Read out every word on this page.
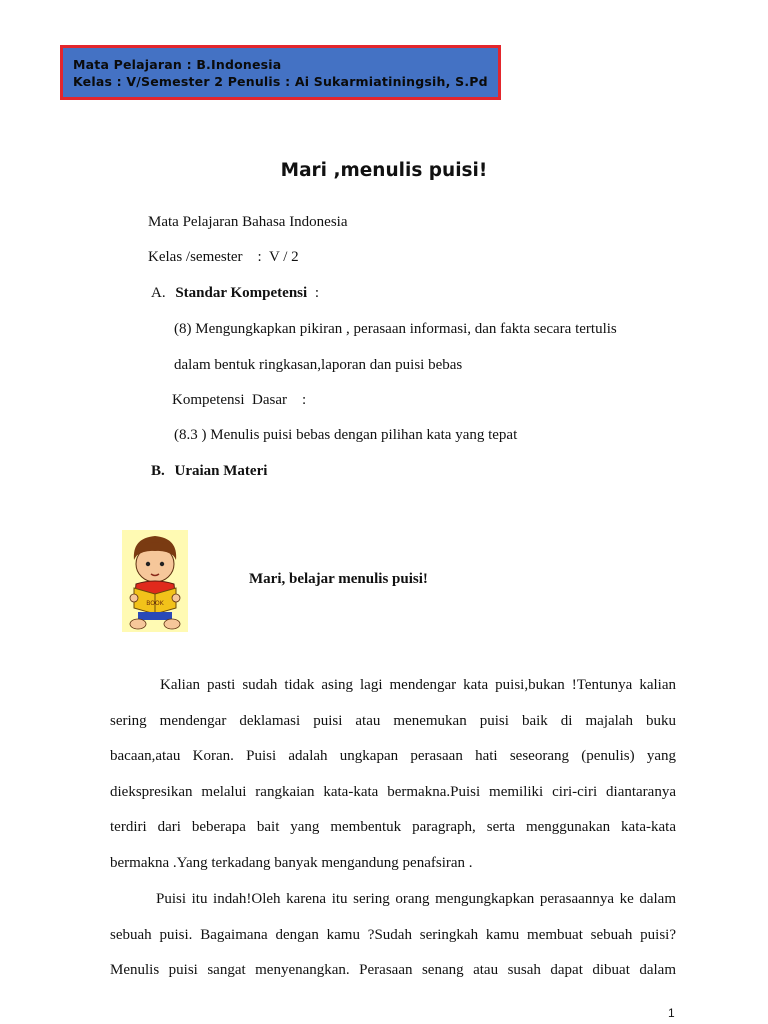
Mata Pelajaran : B.Indonesia
Kelas : V/Semester 2 Penulis : Ai Sukarmiatiningsih, S.Pd
Mari ,menulis puisi!
Mata Pelajaran Bahasa Indonesia
Kelas /semester    :  V / 2
A. Standar Kompetensi :
(8) Mengungkapkan pikiran , perasaan informasi, dan fakta secara tertulis
dalam bentuk ringkasan,laporan dan puisi bebas
Kompetensi  Dasar    :
(8.3 ) Menulis puisi bebas dengan pilihan kata yang tepat
B. Uraian Materi
BOOK
Mari, belajar menulis puisi!
Kalian pasti sudah tidak asing lagi mendengar kata puisi,bukan !Tentunya kalian
sering mendengar deklamasi puisi atau menemukan puisi baik di majalah buku
bacaan,atau Koran. Puisi adalah ungkapan perasaan hati seseorang (penulis) yang
diekspresikan melalui rangkaian kata-kata bermakna.Puisi memiliki ciri-ciri diantaranya
terdiri dari beberapa bait yang membentuk paragraph, serta menggunakan kata-kata
bermakna .Yang terkadang banyak mengandung penafsiran .
Puisi itu indah!Oleh karena itu sering orang mengungkapkan perasaannya ke dalam
sebuah puisi. Bagaimana dengan kamu ?Sudah seringkah kamu membuat sebuah puisi?
Menulis puisi sangat menyenangkan. Perasaan senang atau susah dapat dibuat dalam
1
